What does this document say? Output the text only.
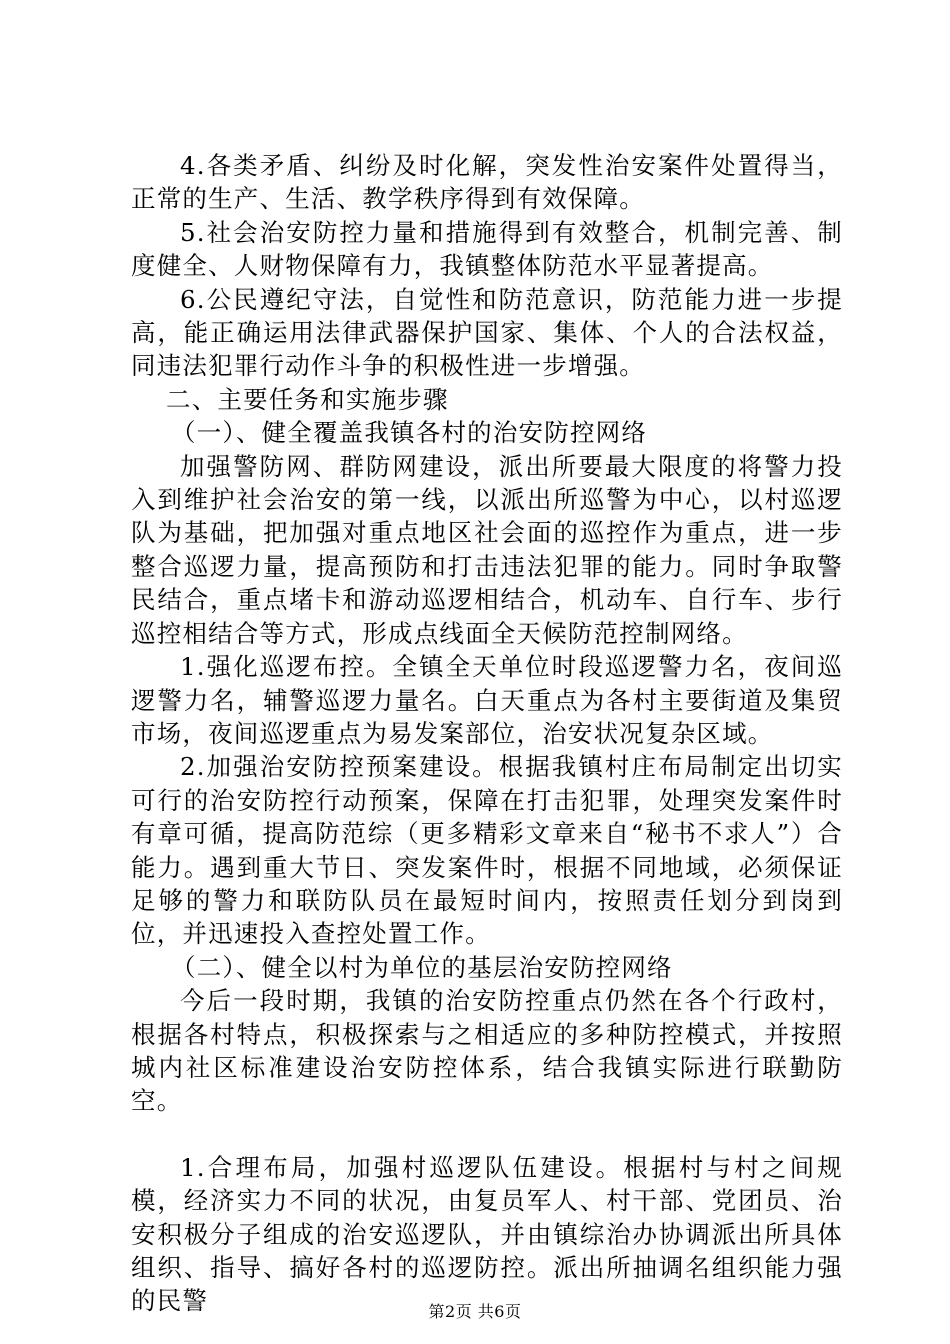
4.各类矛盾、纠纷及时化解，突发性治安案件处置得当，正常的生产、生活、教学秩序得到有效保障。

5.社会治安防控力量和措施得到有效整合，机制完善、制度健全、人财物保障有力，我镇整体防范水平显著提高。

6.公民遵纪守法，自觉性和防范意识，防范能力进一步提高，能正确运用法律武器保护国家、集体、个人的合法权益，同违法犯罪行动作斗争的积极性进一步增强。

二、主要任务和实施步骤

（一）、健全覆盖我镇各村的治安防控网络

加强警防网、群防网建设，派出所要最大限度的将警力投入到维护社会治安的第一线，以派出所巡警为中心，以村巡逻队为基础，把加强对重点地区社会面的巡控作为重点，进一步整合巡逻力量，提高预防和打击违法犯罪的能力。同时争取警民结合，重点堵卡和游动巡逻相结合，机动车、自行车、步行巡控相结合等方式，形成点线面全天候防范控制网络。

1.强化巡逻布控。全镇全天单位时段巡逻警力名，夜间巡逻警力名，辅警巡逻力量名。白天重点为各村主要街道及集贸市场，夜间巡逻重点为易发案部位，治安状况复杂区域。

2.加强治安防控预案建设。根据我镇村庄布局制定出切实可行的治安防控行动预案，保障在打击犯罪，处理突发案件时有章可循，提高防范综（更多精彩文章来自“秘书不求人”）合能力。遇到重大节日、突发案件时，根据不同地域，必须保证足够的警力和联防队员在最短时间内，按照责任划分到岗到位，并迅速投入查控处置工作。

（二）、健全以村为单位的基层治安防控网络

今后一段时期，我镇的治安防控重点仍然在各个行政村，根据各村特点，积极探索与之相适应的多种防控模式，并按照城内社区标准建设治安防控体系，结合我镇实际进行联勤防空。

1.合理布局，加强村巡逻队伍建设。根据村与村之间规模，经济实力不同的状况，由复员军人、村干部、党团员、治安积极分子组成的治安巡逻队，并由镇综治办协调派出所具体组织、指导、搞好各村的巡逻防控。派出所抽调名组织能力强的民警	第2页 共6页
